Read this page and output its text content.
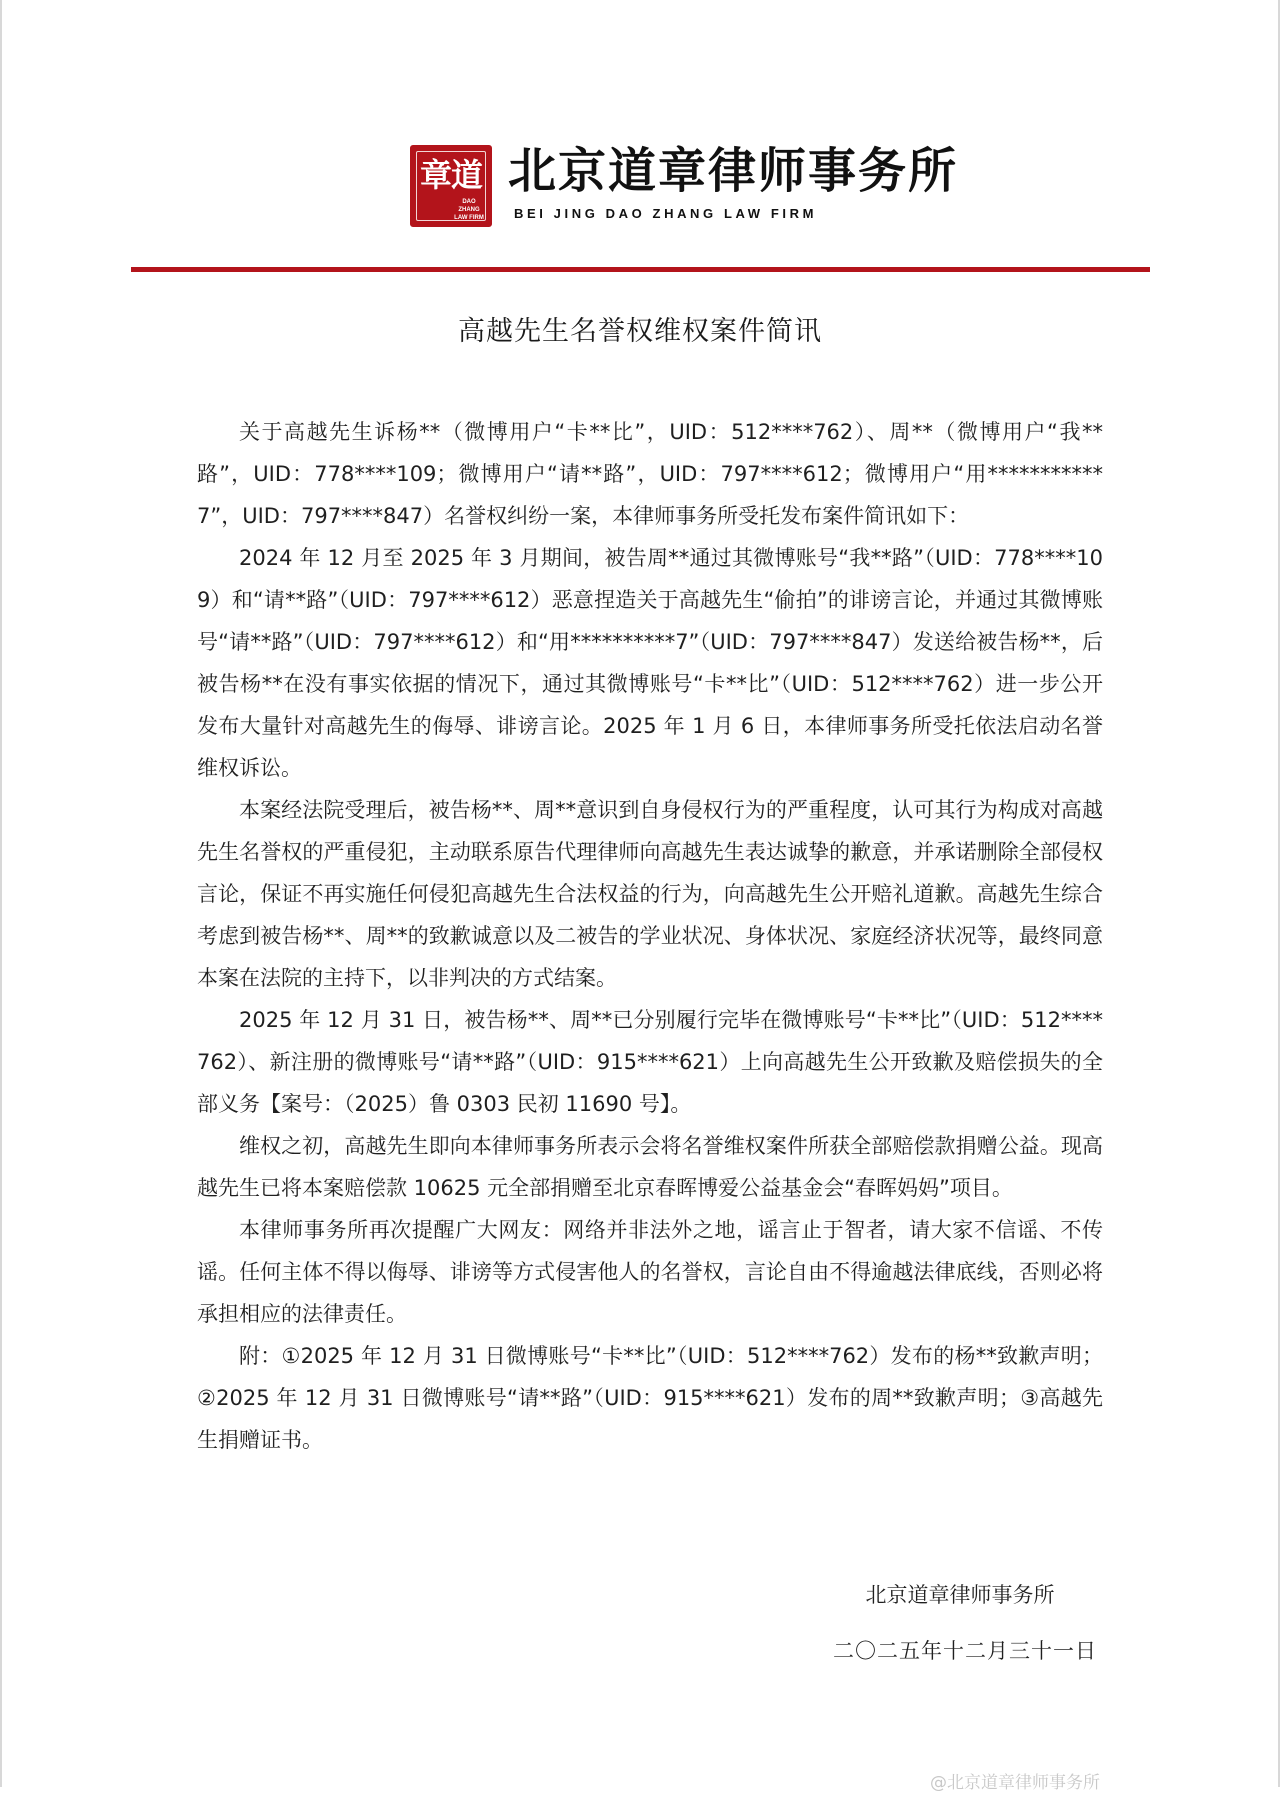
章道
DAO ZHANG LAW FIRM
北京道章律师事务所
BEI JING DAO ZHANG LAW FIRM
高越先生名誉权维权案件简讯

关于高越先生诉杨**（微博用户“卡**比”，UID：512****762）、周**（微博用户“我**路”，UID：778****109；微博用户“请**路”，UID：797****612；微博用户“用***********7”，UID：797****847）名誉权纠纷一案，本律师事务所受托发布案件简讯如下：

2024 年 12 月至 2025 年 3 月期间，被告周**通过其微博账号“我**路”（UID：778****109）和“请**路”（UID：797****612）恶意捏造关于高越先生“偷拍”的诽谤言论，并通过其微博账号“请**路”（UID：797****612）和“用**********7”（UID：797****847）发送给被告杨**，后被告杨**在没有事实依据的情况下，通过其微博账号“卡**比”（UID：512****762）进一步公开发布大量针对高越先生的侮辱、诽谤言论。2025 年 1 月 6 日，本律师事务所受托依法启动名誉维权诉讼。

本案经法院受理后，被告杨**、周**意识到自身侵权行为的严重程度，认可其行为构成对高越先生名誉权的严重侵犯，主动联系原告代理律师向高越先生表达诚挚的歉意，并承诺删除全部侵权言论，保证不再实施任何侵犯高越先生合法权益的行为，向高越先生公开赔礼道歉。高越先生综合考虑到被告杨**、周**的致歉诚意以及二被告的学业状况、身体状况、家庭经济状况等，最终同意本案在法院的主持下，以非判决的方式结案。

2025 年 12 月 31 日，被告杨**、周**已分别履行完毕在微博账号“卡**比”（UID：512****762）、新注册的微博账号“请**路”（UID：915****621）上向高越先生公开致歉及赔偿损失的全部义务【案号：（2025）鲁 0303 民初 11690 号】。

维权之初，高越先生即向本律师事务所表示会将名誉维权案件所获全部赔偿款捐赠公益。现高越先生已将本案赔偿款 10625 元全部捐赠至北京春晖博爱公益基金会“春晖妈妈”项目。

本律师事务所再次提醒广大网友：网络并非法外之地，谣言止于智者，请大家不信谣、不传谣。任何主体不得以侮辱、诽谤等方式侵害他人的名誉权，言论自由不得逾越法律底线，否则必将承担相应的法律责任。

附：①2025 年 12 月 31 日微博账号“卡**比”（UID：512****762）发布的杨**致歉声明；②2025 年 12 月 31 日微博账号“请**路”（UID：915****621）发布的周**致歉声明；③高越先生捐赠证书。

北京道章律师事务所
二〇二五年十二月三十一日
@北京道章律师事务所
